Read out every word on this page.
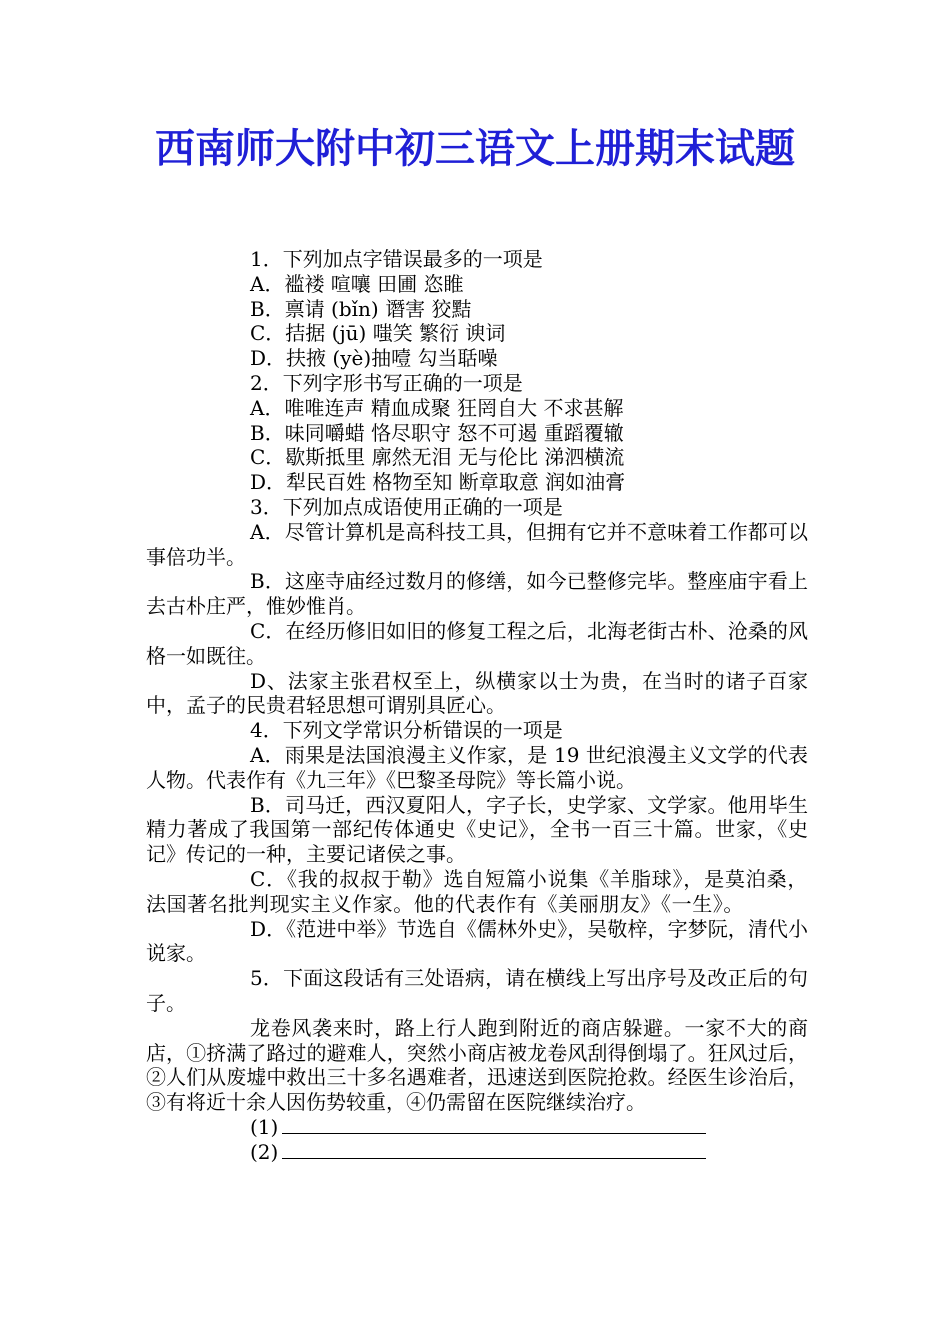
西南师大附中初三语文上册期末试题
1．下列加点字错误最多的一项是
A．褴褛 喧嚷 田圃 恣睢
B．禀请 (bǐn) 谮害 狡黠
C．拮据 (jū) 嗤笑 繁衍 谀词
D．扶掖 (yè)抽噎 勾当聒噪
2．下列字形书写正确的一项是
A．唯唯连声 精血成聚 狂罔自大 不求甚解
B．味同嚼蜡 恪尽职守 怒不可遏 重蹈覆辙
C．歇斯抵里 廓然无泪 无与伦比 涕泗横流
D．犁民百姓 格物至知 断章取意 润如油膏
3．下列加点成语使用正确的一项是
A．尽管计算机是高科技工具，但拥有它并不意味着工作都可以事倍功半。
B．这座寺庙经过数月的修缮，如今已整修完毕。整座庙宇看上去古朴庄严，惟妙惟肖。
C．在经历修旧如旧的修复工程之后，北海老街古朴、沧桑的风格一如既往。
D、法家主张君权至上，纵横家以士为贵，在当时的诸子百家中，孟子的民贵君轻思想可谓别具匠心。
4．下列文学常识分析错误的一项是
A．雨果是法国浪漫主义作家，是 19 世纪浪漫主义文学的代表人物。代表作有《九三年》《巴黎圣母院》等长篇小说。
B．司马迁，西汉夏阳人，字子长，史学家、文学家。他用毕生精力著成了我国第一部纪传体通史《史记》，全书一百三十篇。世家，《史记》传记的一种，主要记诸侯之事。
C．《我的叔叔于勒》选自短篇小说集《羊脂球》，是莫泊桑，法国著名批判现实主义作家。他的代表作有《美丽朋友》《一生》。
D．《范进中举》节选自《儒林外史》，吴敬梓，字梦阮，清代小说家。
5．下面这段话有三处语病，请在横线上写出序号及改正后的句子。
龙卷风袭来时，路上行人跑到附近的商店躲避。一家不大的商店，①挤满了路过的避难人，突然小商店被龙卷风刮得倒塌了。狂风过后，②人们从废墟中救出三十多名遇难者，迅速送到医院抢救。经医生诊治后，③有将近十余人因伤势较重，④仍需留在医院继续治疗。
(1)
(2)
